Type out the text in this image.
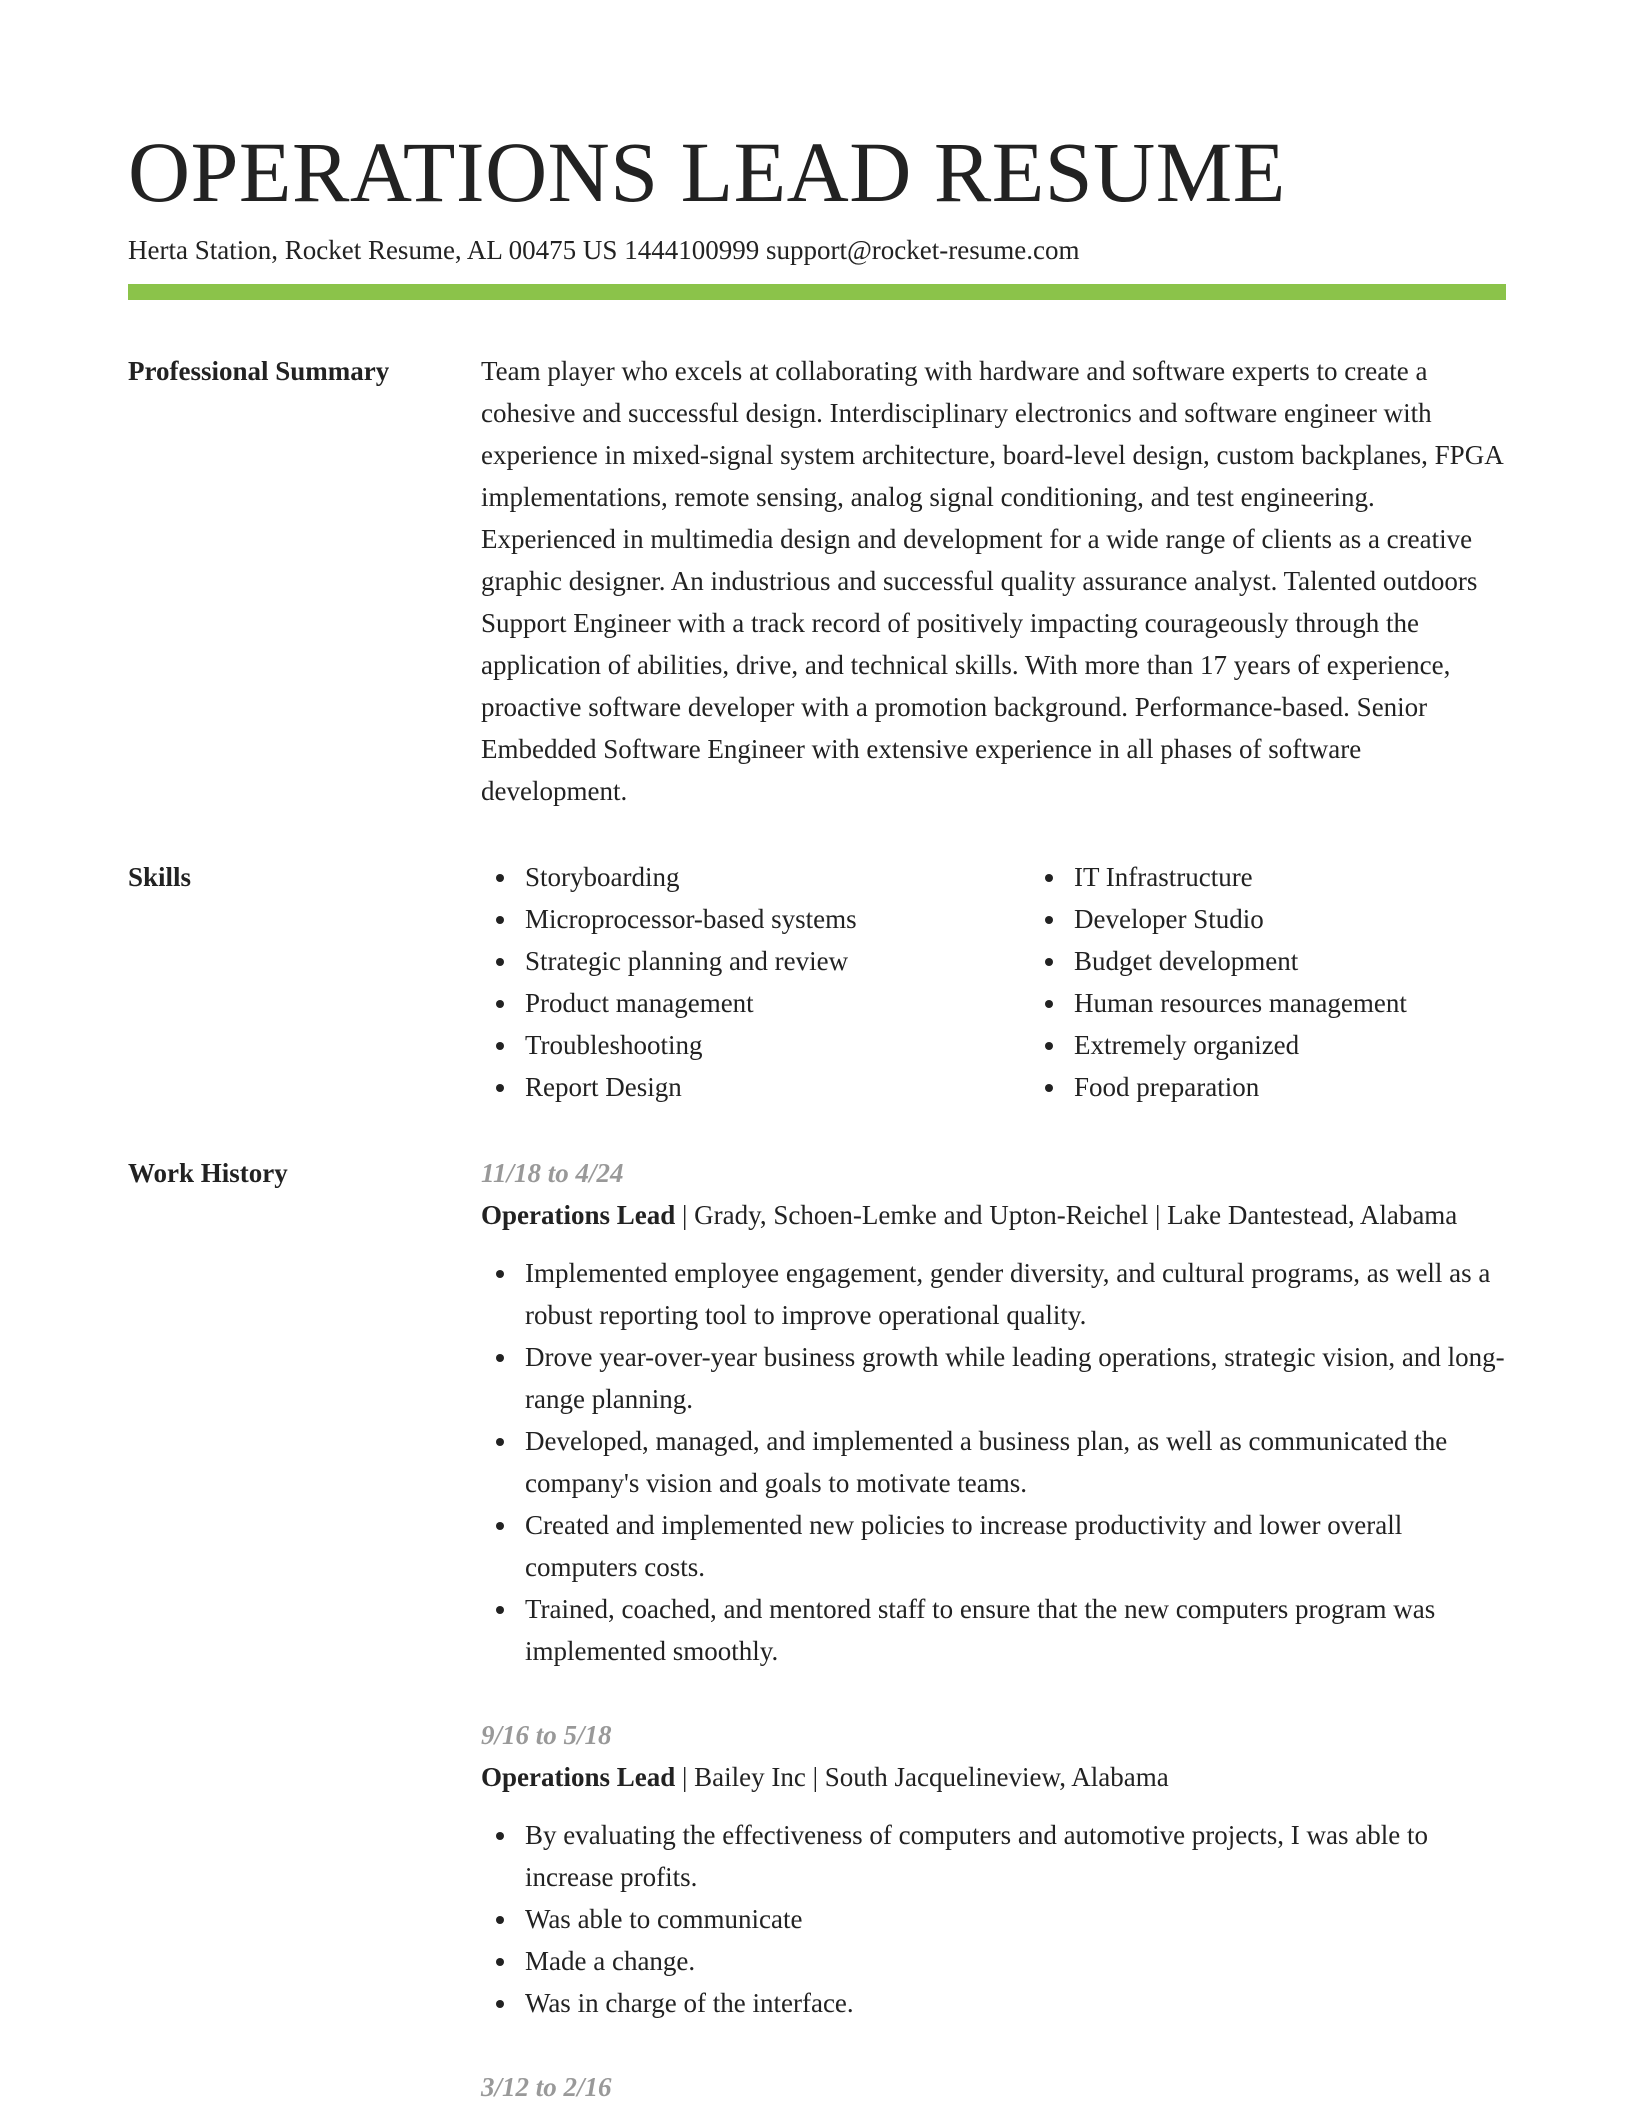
OPERATIONS LEAD RESUME
Herta Station, Rocket Resume, AL 00475 US 1444100999 support@rocket-resume.com
Professional Summary	Team player who excels at collaborating with hardware and software experts to create a cohesive and successful design. Interdisciplinary electronics and software engineer with experience in mixed-signal system architecture, board-level design, custom backplanes, FPGA implementations, remote sensing, analog signal conditioning, and test engineering. Experienced in multimedia design and development for a wide range of clients as a creative graphic designer. An industrious and successful quality assurance analyst. Talented outdoors Support Engineer with a track record of positively impacting courageously through the application of abilities, drive, and technical skills. With more than 17 years of experience, proactive software developer with a promotion background. Performance-based. Senior Embedded Software Engineer with extensive experience in all phases of software development.

Skills	Storyboarding
Microprocessor-based systems
Strategic planning and review
Product management
Troubleshooting
Report Design
IT Infrastructure
Developer Studio
Budget development
Human resources management
Extremely organized
Food preparation
Work History	11/18 to 4/24
Operations Lead | Grady, Schoen-Lemke and Upton-Reichel | Lake Dantestead, Alabama
Implemented employee engagement, gender diversity, and cultural programs, as well as a robust reporting tool to improve operational quality.
Drove year-over-year business growth while leading operations, strategic vision, and long-range planning.
Developed, managed, and implemented a business plan, as well as communicated the company's vision and goals to motivate teams.
Created and implemented new policies to increase productivity and lower overall computers costs.
Trained, coached, and mentored staff to ensure that the new computers program was implemented smoothly.
9/16 to 5/18
Operations Lead | Bailey Inc | South Jacquelineview, Alabama
By evaluating the effectiveness of computers and automotive projects, I was able to increase profits.
Was able to communicate
Made a change.
Was in charge of the interface.
3/12 to 2/16
